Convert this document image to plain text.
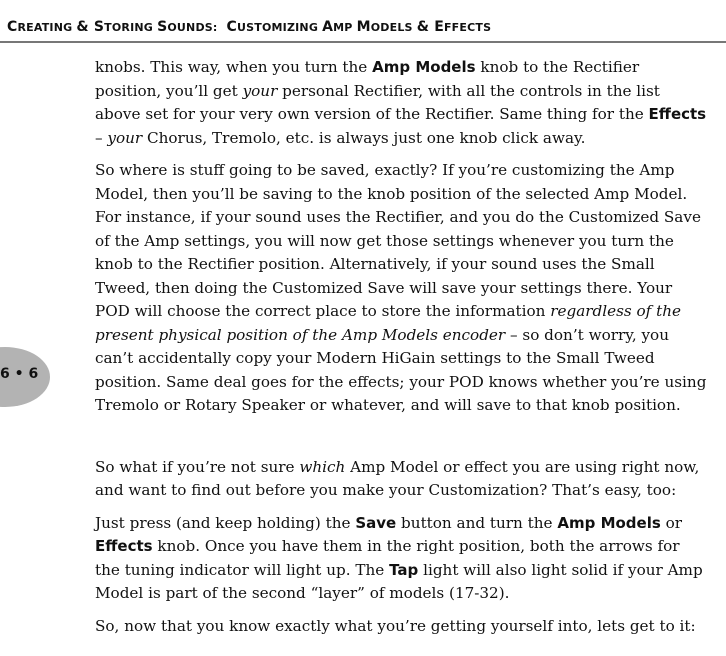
CREATING & STORING SOUNDS: CUSTOMIZING AMP MODELS & EFFECTS
6 • 6

knobs. This way, when you turn the Amp Models knob to the Rectifier position, you’ll get your personal Rectifier, with all the controls in the list above set for your very own version of the Rectifier. Same thing for the Effects – your Chorus, Tremolo, etc. is always just one knob click away.

So where is stuff going to be saved, exactly? If you’re customizing the Amp Model, then you’ll be saving to the knob position of the selected Amp Model. For instance, if your sound uses the Rectifier, and you do the Customized Save of the Amp settings, you will now get those settings whenever you turn the knob to the Rectifier position. Alternatively, if your sound uses the Small Tweed, then doing the Customized Save will save your settings there. Your POD will choose the correct place to store the information regardless of the present physical position of the Amp Models encoder – so don’t worry, you can’t accidentally copy your Modern HiGain settings to the Small Tweed position. Same deal goes for the effects; your POD knows whether you’re using Tremolo or Rotary Speaker or whatever, and will save to that knob position.

So what if you’re not sure which Amp Model or effect you are using right now, and want to find out before you make your Customization? That’s easy, too:

Just press (and keep holding) the Save button and turn the Amp Models or Effects knob. Once you have them in the right position, both the arrows for the tuning indicator will light up. The Tap light will also light solid if your Amp Model is part of the second “layer” of models (17-32).

So, now that you know exactly what you’re getting yourself into, lets get to it:
